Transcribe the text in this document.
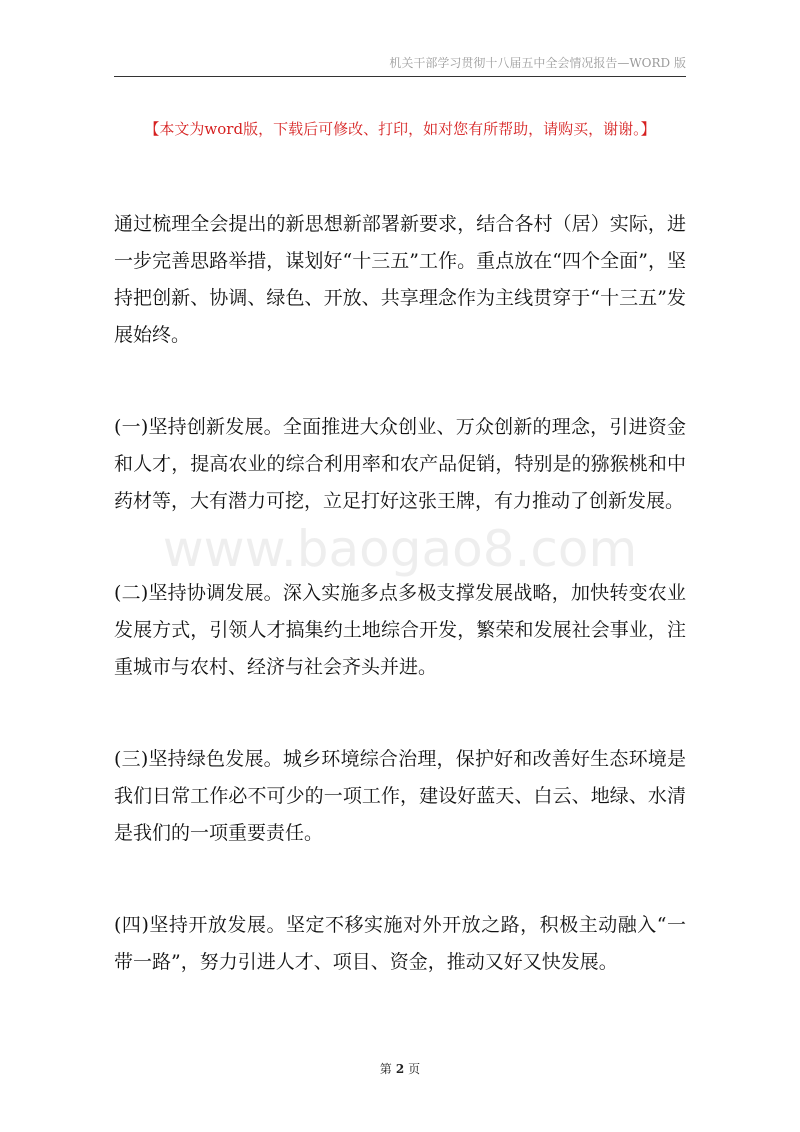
机关干部学习贯彻十八届五中全会情况报告—WORD 版
【本文为word版，下载后可修改、打印，如对您有所帮助，请购买，谢谢。】

通过梳理全会提出的新思想新部署新要求，结合各村（居）实际，进一步完善思路举措，谋划好“十三五”工作。重点放在“四个全面”，坚持把创新、协调、绿色、开放、共享理念作为主线贯穿于“十三五”发展始终。

(一)坚持创新发展。全面推进大众创业、万众创新的理念，引进资金和人才，提高农业的综合利用率和农产品促销，特别是的猕猴桃和中药材等，大有潜力可挖，立足打好这张王牌，有力推动了创新发展。

(二)坚持协调发展。深入实施多点多极支撑发展战略，加快转变农业发展方式，引领人才搞集约土地综合开发，繁荣和发展社会事业，注重城市与农村、经济与社会齐头并进。

(三)坚持绿色发展。城乡环境综合治理，保护好和改善好生态环境是我们日常工作必不可少的一项工作，建设好蓝天、白云、地绿、水清是我们的一项重要责任。

(四)坚持开放发展。坚定不移实施对外开放之路，积极主动融入“一带一路”，努力引进人才、项目、资金，推动又好又快发展。

www.baogao8.com
第 2 页
